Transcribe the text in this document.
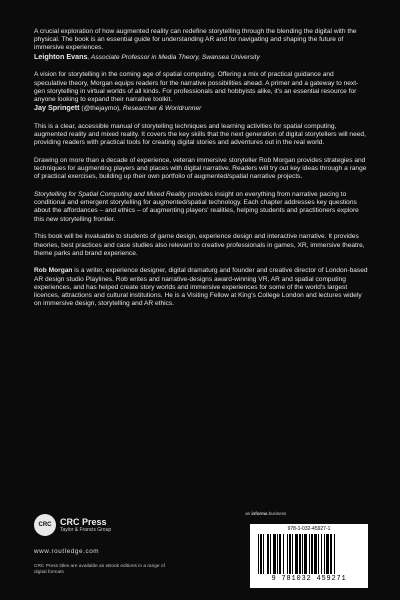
A crucial exploration of how augmented reality can redefine storytelling through the blending the digital with the physical. The book is an essential guide for understanding AR and for navigating and shaping the future of immersive experiences.

Leighton Evans, Associate Professor in Media Theory, Swansea University

A vision for storytelling in the coming age of spatial computing. Offering a mix of practical guidance and speculative theory, Morgan equips readers for the narrative possibilities ahead. A primer and a gateway to next-gen storytelling in virtual worlds of all kinds. For professionals and hobbyists alike, it's an essential resource for anyone looking to expand their narrative toolkit.

Jay Springett (@thejaymo), Researcher & Worldrunner

This is a clear, accessible manual of storytelling techniques and learning activities for spatial computing, augmented reality and mixed reality. It covers the key skills that the next generation of digital storytellers will need, providing readers with practical tools for creating digital stories and adventures out in the real world.

Drawing on more than a decade of experience, veteran immersive storyteller Rob Morgan provides strategies and techniques for augmenting players and places with digital narrative. Readers will try out key ideas through a range of practical exercises, building up their own portfolio of augmented/spatial narrative projects.

Storytelling for Spatial Computing and Mixed Reality provides insight on everything from narrative pacing to conditional and emergent storytelling for augmented/spatial technology. Each chapter addresses key questions about the affordances – and ethics – of augmenting players' realities, helping students and practitioners explore this new storytelling frontier.

This book will be invaluable to students of game design, experience design and interactive narrative. It provides theories, best practices and case studies also relevant to creative professionals in games, XR, immersive theatre, theme parks and brand experience.

Rob Morgan is a writer, experience designer, digital dramaturg and founder and creative director of London-based AR design studio Playlines. Rob writes and narrative-designs award-winning VR, AR and spatial computing experiences, and has helped create story worlds and immersive experiences for some of the world's largest licences, attractions and cultural institutions. He is a Visiting Fellow at King's College London and lectures widely on immersive design, storytelling and AR ethics.

CRC CRC Press
Taylor & Francis Group
www.routledge.com
CRC Press titles are available as eBook editions in a range of digital formats
an informa business
978-1-032-45927-1
9 781032 459271
